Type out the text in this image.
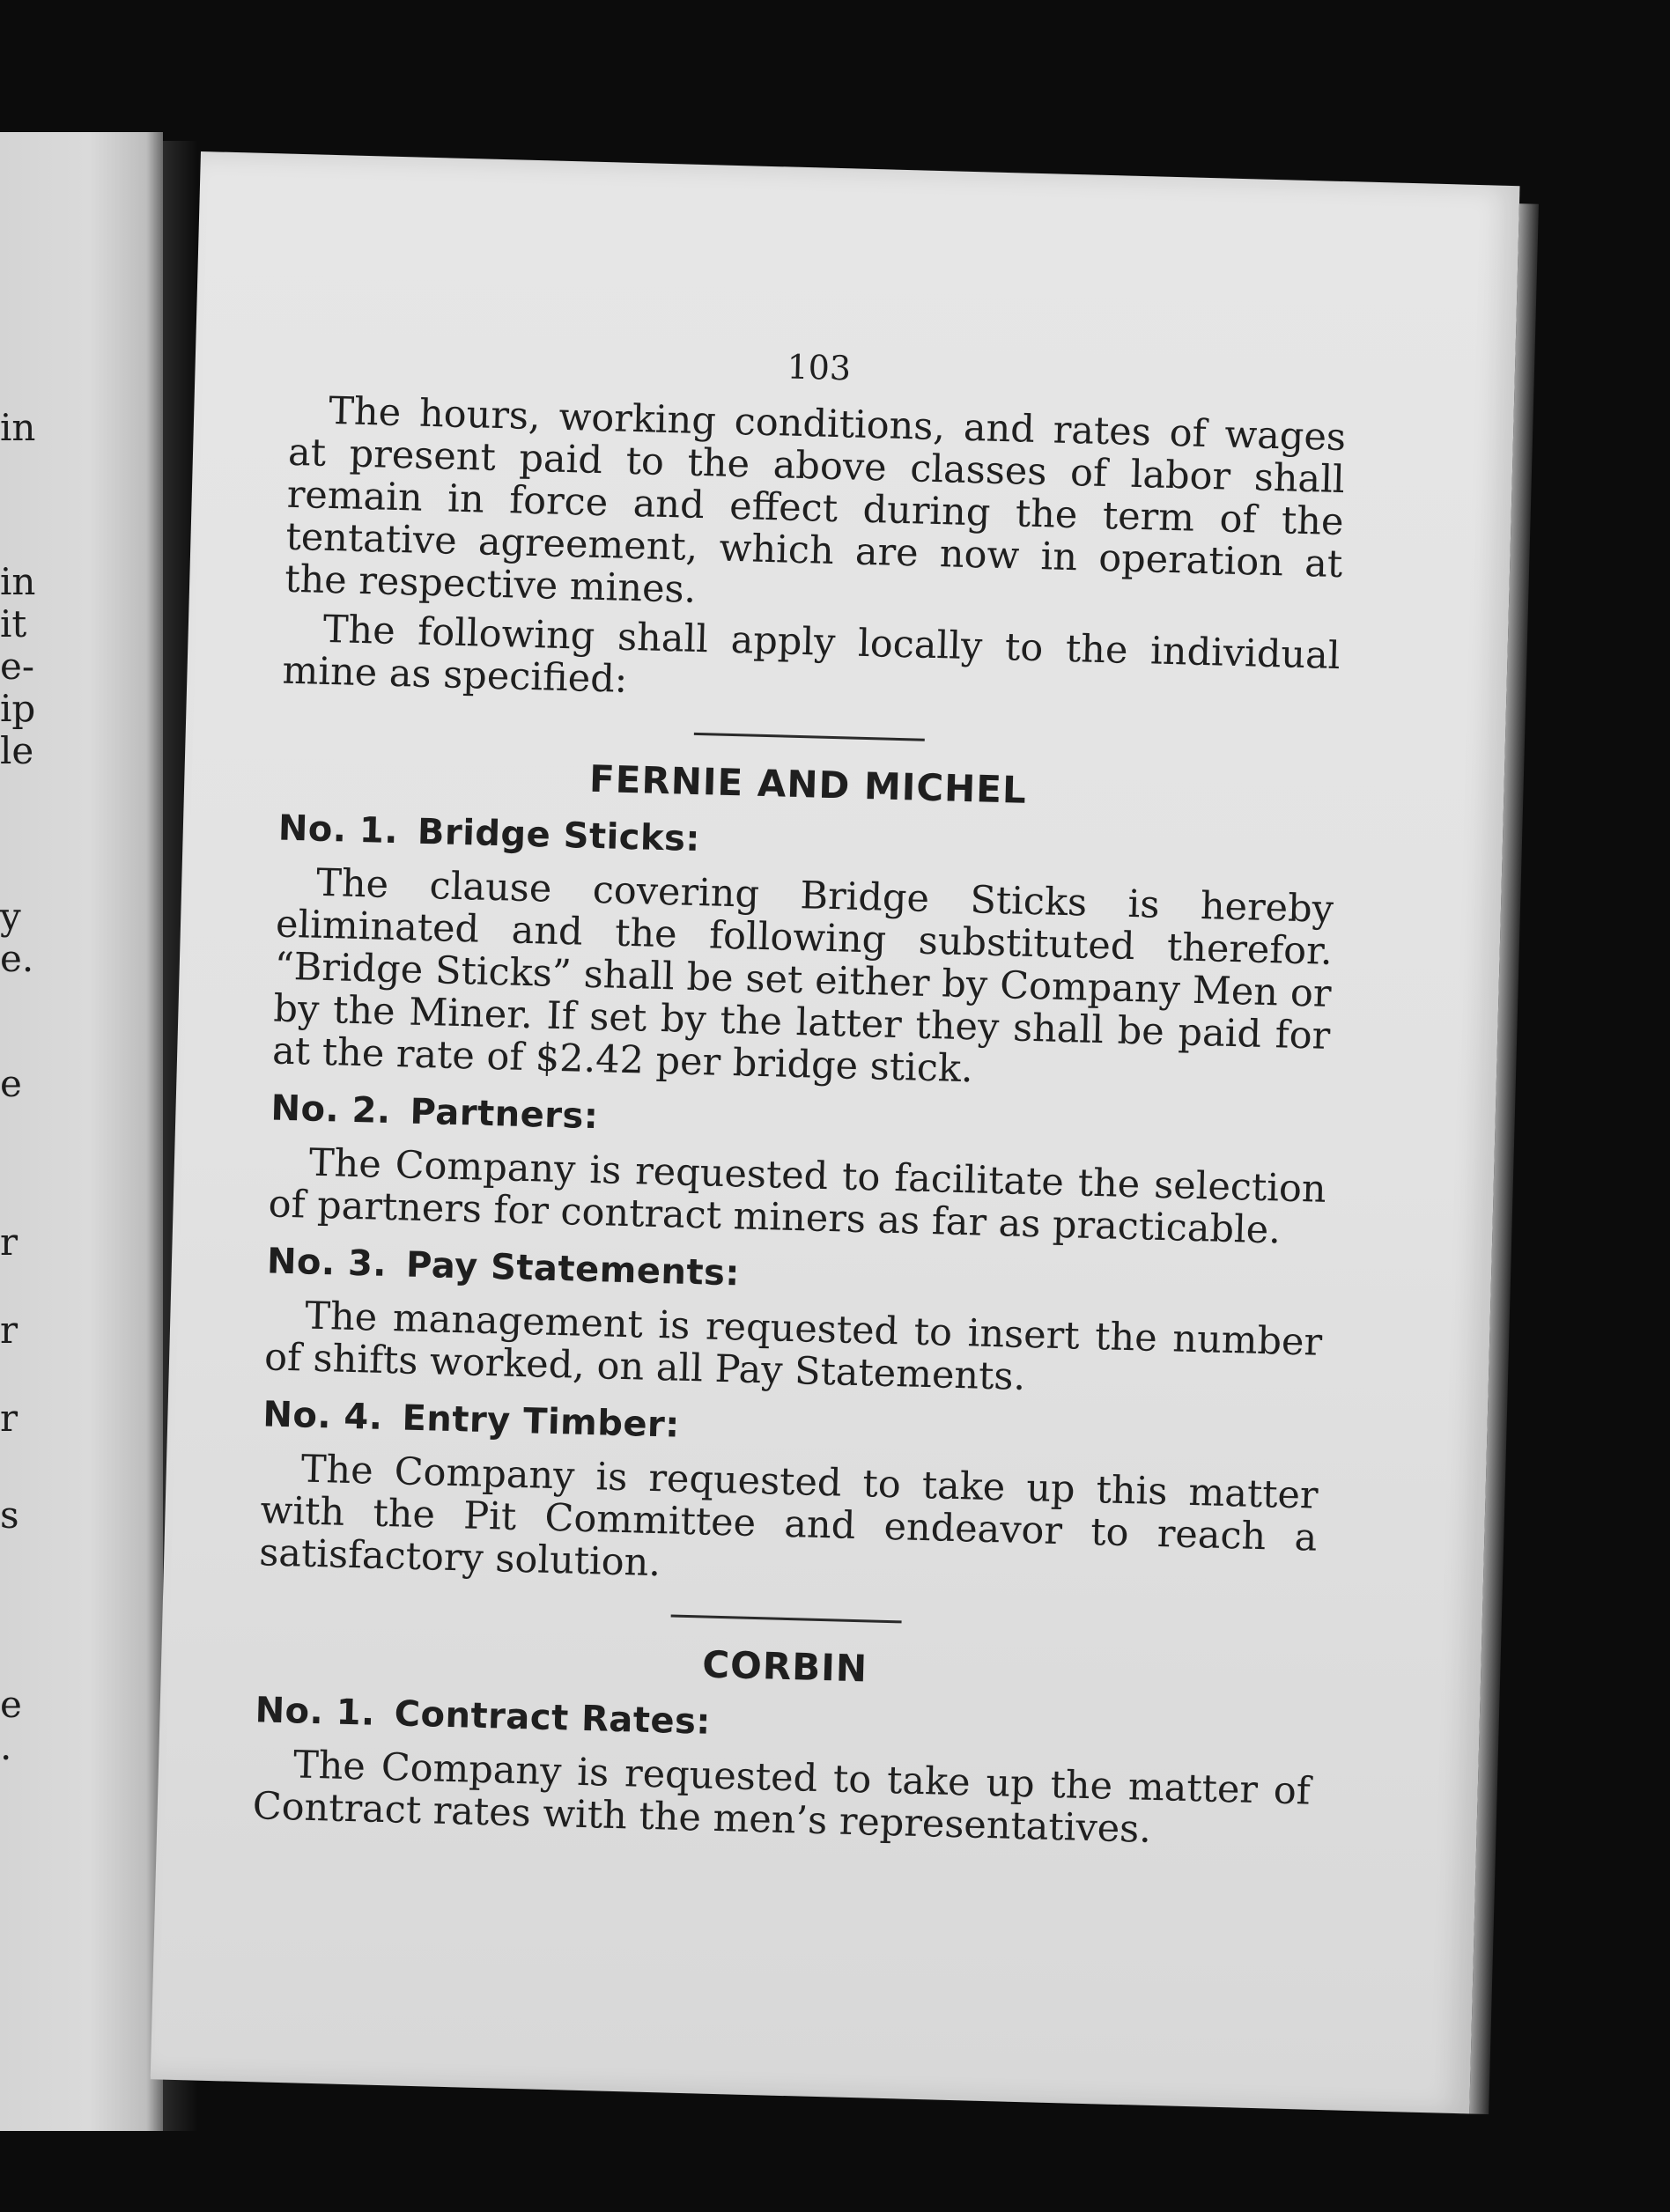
in
in
it
e-
ip
le
y
e.
e
r
r
r
s
e
.
103

The hours, working conditions, and rates of wages at present paid to the above classes of labor shall remain in force and effect during the term of the tentative agreement, which are now in operation at the respective mines.

The following shall apply locally to the individual mine as specified:

FERNIE AND MICHEL
No. 1. Bridge Sticks:

The clause covering Bridge Sticks is hereby eliminated and the following substituted therefor. “Bridge Sticks” shall be set either by Company Men or by the Miner. If set by the latter they shall be paid for at the rate of $2.42 per bridge stick.

No. 2. Partners:

The Company is requested to facilitate the selection of partners for contract miners as far as practicable.

No. 3. Pay Statements:

The management is requested to insert the number of shifts worked, on all Pay Statements.

No. 4. Entry Timber:

The Company is requested to take up this matter with the Pit Committee and endeavor to reach a satisfactory solution.

CORBIN
No. 1. Contract Rates:

The Company is requested to take up the matter of Contract rates with the men’s representatives.
